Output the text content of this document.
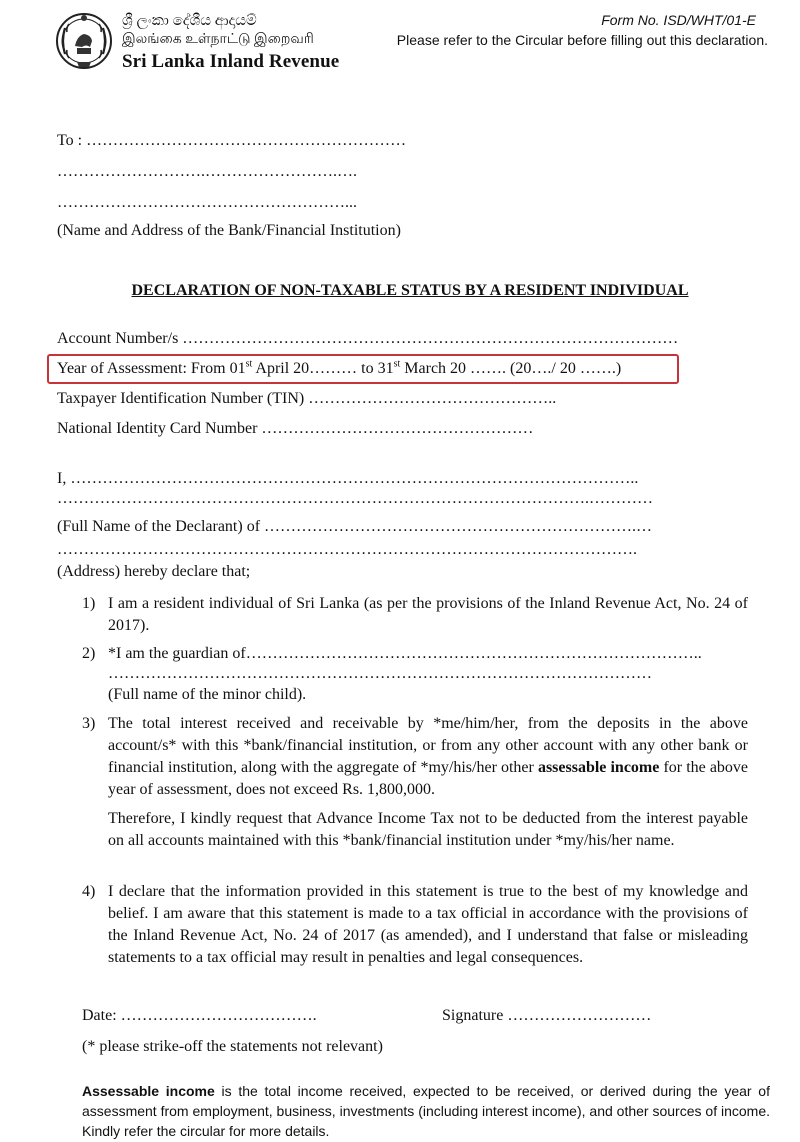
ශ්‍රී ලංකා දේශීය ආදායම්
இலங்கை உள்நாட்டு இறைவரி
Sri Lanka Inland Revenue
Form No. ISD/WHT/01-E
Please refer to the Circular before filling out this declaration.
To : ……………………………………………………
……………………….…………………….….
………………………………………………...
(Name and Address of the Bank/Financial Institution)
DECLARATION OF NON-TAXABLE STATUS BY A RESIDENT INDIVIDUAL
Account Number/s …………………………………………………………………………………
Year of Assessment: From 01st April 20……… to 31st March 20 ……. (20…./ 20 …….)
Taxpayer Identification Number (TIN) ………………………………………..
National Identity Card Number ……………………………………………
I, ……………………………………………………………………………………………..
……………………………………………………………………………………….…………
(Full Name of the Declarant) of …………………………………………………………….…
……………………………………………………………………………………………….
(Address) hereby declare that;
1) I am a resident individual of Sri Lanka (as per the provisions of the Inland Revenue Act, No. 24 of 2017).
2) *I am the guardian of…………………………………………………………………………..
…………………………………………………………………………………………
(Full name of the minor child).
3) The total interest received and receivable by *me/him/her, from the deposits in the above account/s* with this *bank/financial institution, or from any other account with any other bank or financial institution, along with the aggregate of *my/his/her other assessable income for the above year of assessment, does not exceed Rs. 1,800,000.
Therefore, I kindly request that Advance Income Tax not to be deducted from the interest payable on all accounts maintained with this *bank/financial institution under *my/his/her name.
4) I declare that the information provided in this statement is true to the best of my knowledge and belief. I am aware that this statement is made to a tax official in accordance with the provisions of the Inland Revenue Act, No. 24 of 2017 (as amended), and I understand that false or misleading statements to a tax official may result in penalties and legal consequences.
Date: ……………………………….	Signature ………………………
(* please strike-off the statements not relevant)
Assessable income is the total income received, expected to be received, or derived during the year of assessment from employment, business, investments (including interest income), and other sources of income. Kindly refer the circular for more details.
